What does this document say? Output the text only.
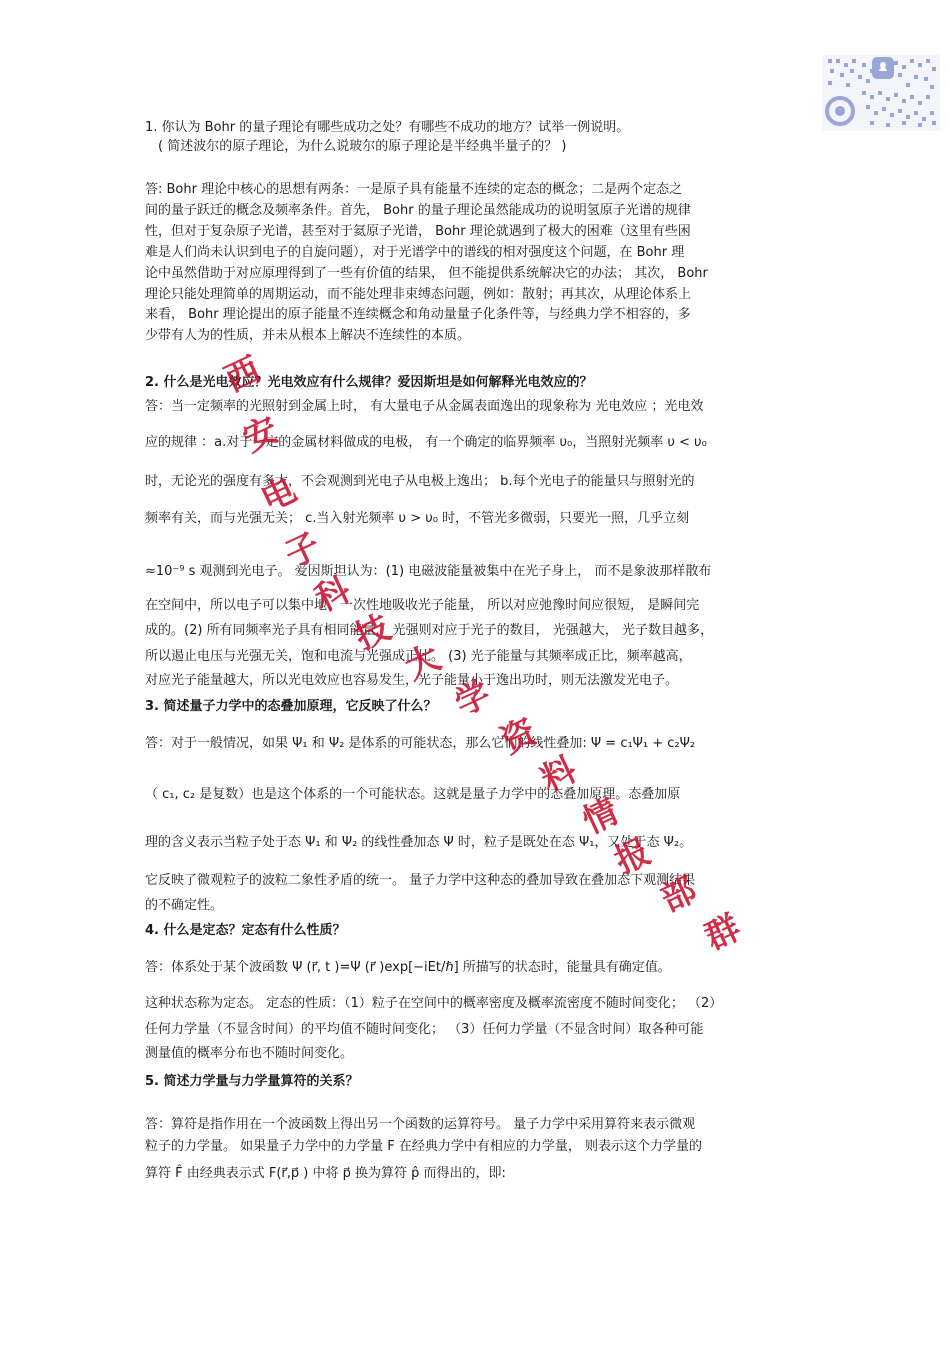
1. 你认为 Bohr 的量子理论有哪些成功之处？有哪些不成功的地方？试举一例说明。
( 简述波尔的原子理论，为什么说玻尔的原子理论是半经典半量子的？ )
答: Bohr 理论中核心的思想有两条：一是原子具有能量不连续的定态的概念；二是两个定态之
间的量子跃迁的概念及频率条件。首先， Bohr 的量子理论虽然能成功的说明氢原子光谱的规律
性，但对于复杂原子光谱，甚至对于氦原子光谱， Bohr 理论就遇到了极大的困难（这里有些困
难是人们尚未认识到电子的自旋问题），对于光谱学中的谱线的相对强度这个问题，在 Bohr 理
论中虽然借助于对应原理得到了一些有价值的结果， 但不能提供系统解决它的办法； 其次， Bohr
理论只能处理简单的周期运动，而不能处理非束缚态问题，例如：散射；再其次，从理论体系上
来看， Bohr 理论提出的原子能量不连续概念和角动量量子化条件等，与经典力学不相容的，多
少带有人为的性质，并未从根本上解决不连续性的本质。
2. 什么是光电效应？光电效应有什么规律？爱因斯坦是如何解释光电效应的？
答：当一定频率的光照射到金属上时， 有大量电子从金属表面逸出的现象称为 光电效应 ；光电效
应的规律 ：a.对于一定的金属材料做成的电极， 有一个确定的临界频率 υ₀，当照射光频率 υ < υ₀
时，无论光的强度有多大，不会观测到光电子从电极上逸出； b.每个光电子的能量只与照射光的
频率有关，而与光强无关； c.当入射光频率 υ > υ₀ 时，不管光多微弱，只要光一照，几乎立刻
≈10⁻⁹ s 观测到光电子。 爱因斯坦认为：(1) 电磁波能量被集中在光子身上， 而不是象波那样散布
在空间中，所以电子可以集中地、一次性地吸收光子能量， 所以对应弛豫时间应很短， 是瞬间完
成的。(2) 所有同频率光子具有相同能量， 光强则对应于光子的数目， 光强越大， 光子数目越多，
所以遏止电压与光强无关，饱和电流与光强成正比。 (3) 光子能量与其频率成正比，频率越高，
对应光子能量越大，所以光电效应也容易发生，光子能量小于逸出功时，则无法激发光电子。
3. 简述量子力学中的态叠加原理，它反映了什么？
答：对于一般情况，如果 Ψ₁ 和 Ψ₂ 是体系的可能状态，那么它们的线性叠加: Ψ = c₁Ψ₁ + c₂Ψ₂
（ c₁, c₂ 是复数）也是这个体系的一个可能状态。这就是量子力学中的态叠加原理。态叠加原
理的含义表示当粒子处于态 Ψ₁ 和 Ψ₂ 的线性叠加态 Ψ 时，粒子是既处在态 Ψ₁，又处于态 Ψ₂。
它反映了微观粒子的波粒二象性矛盾的统一。 量子力学中这种态的叠加导致在叠加态下观测结果
的不确定性。
4. 什么是定态？定态有什么性质？
答：体系处于某个波函数 Ψ (r⃗, t )=Ψ (r⃗ )exp[−iEt/ℏ] 所描写的状态时，能量具有确定值。
这种状态称为定态。 定态的性质：（1）粒子在空间中的概率密度及概率流密度不随时间变化； （2）
任何力学量（不显含时间）的平均值不随时间变化； （3）任何力学量（不显含时间）取各种可能
测量值的概率分布也不随时间变化。
5. 简述力学量与力学量算符的关系？
答：算符是指作用在一个波函数上得出另一个函数的运算符号。 量子力学中采用算符来表示微观
粒子的力学量。 如果量子力学中的力学量 F 在经典力学中有相应的力学量， 则表示这个力学量的
算符 F̂ 由经典表示式 F(r⃗,p⃗ ) 中将 p⃗ 换为算符 p̂ 而得出的，即:
西
安
电
子
科
技
大
学
资
料
情
报
部
群
